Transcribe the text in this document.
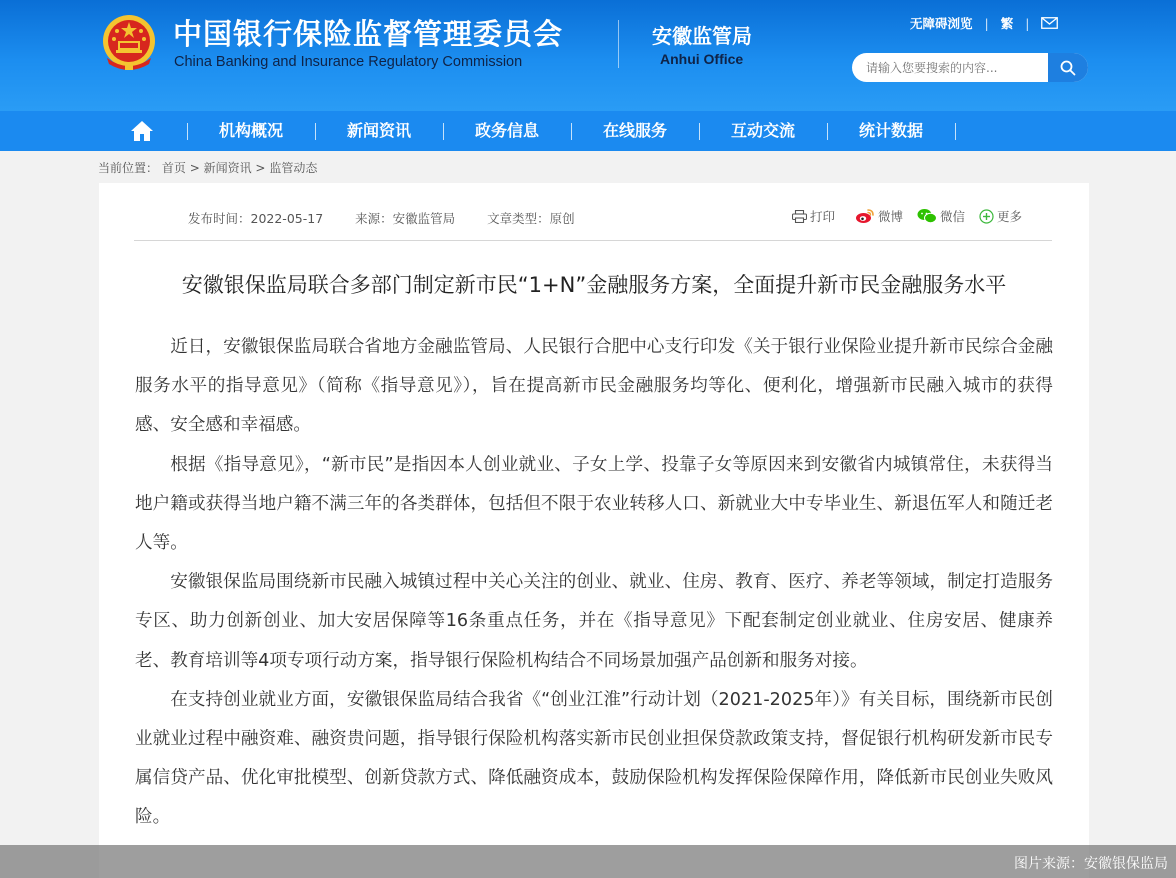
中国银行保险监督管理委员会
China Banking and Insurance Regulatory Commission
安徽监管局
Anhui Office
无障碍浏览 | 繁 |
请输入您要搜索的内容...
机构概况	新闻资讯	政务信息	在线服务	互动交流	统计数据
当前位置： 首页 > 新闻资讯 > 监管动态
发布时间：2022-05-17	来源：安徽监管局	文章类型：原创	打印	微博	微信	更多
安徽银保监局联合多部门制定新市民“1+N”金融服务方案，全面提升新市民金融服务水平

近日，安徽银保监局联合省地方金融监管局、人民银行合肥中心支行印发《关于银行业保险业提升新市民综合金融服务水平的指导意见》（简称《指导意见》），旨在提高新市民金融服务均等化、便利化，增强新市民融入城市的获得感、安全感和幸福感。

根据《指导意见》，“新市民”是指因本人创业就业、子女上学、投靠子女等原因来到安徽省内城镇常住，未获得当地户籍或获得当地户籍不满三年的各类群体，包括但不限于农业转移人口、新就业大中专毕业生、新退伍军人和随迁老人等。

安徽银保监局围绕新市民融入城镇过程中关心关注的创业、就业、住房、教育、医疗、养老等领域，制定打造服务专区、助力创新创业、加大安居保障等16条重点任务，并在《指导意见》下配套制定创业就业、住房安居、健康养老、教育培训等4项专项行动方案，指导银行保险机构结合不同场景加强产品创新和服务对接。

在支持创业就业方面，安徽银保监局结合我省《“创业江淮”行动计划（2021-2025年）》有关目标，围绕新市民创业就业过程中融资难、融资贵问题，指导银行保险机构落实新市民创业担保贷款政策支持，督促银行机构研发新市民专属信贷产品、优化审批模型、创新贷款方式、降低融资成本，鼓励保险机构发挥保险保障作用，降低新市民创业失败风险。

图片来源：安徽银保监局
